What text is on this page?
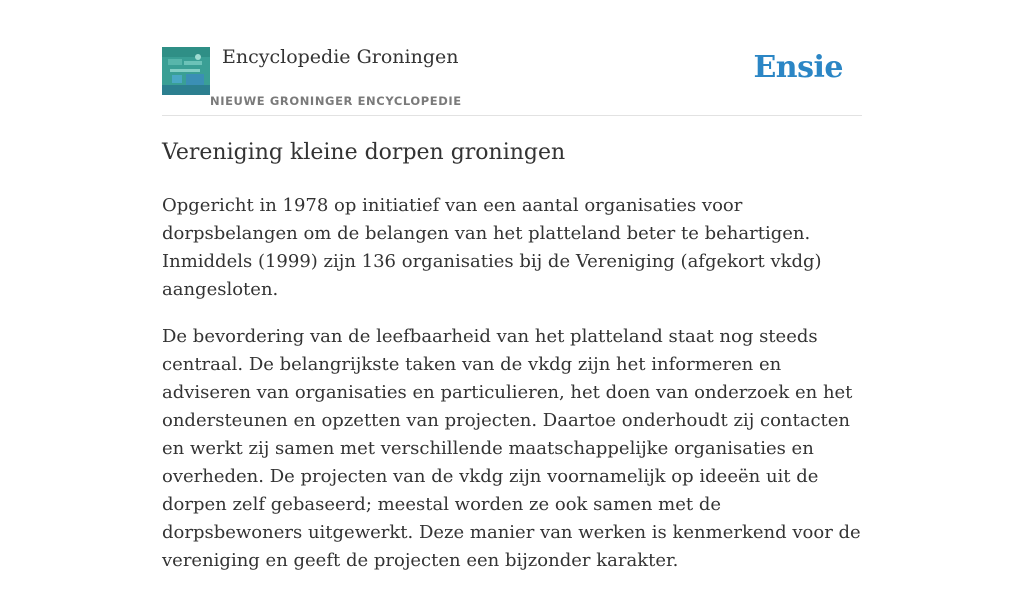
Encyclopedie Groningen
NIEUWE GRONINGER ENCYCLOPEDIE
Ensie
Vereniging kleine dorpen groningen

Opgericht in 1978 op initiatief van een aantal organisaties voor dorpsbelangen om de belangen van het platteland beter te behartigen. Inmiddels (1999) zijn 136 organisaties bij de Vereniging (afgekort vkdg) aangesloten.

De bevordering van de leefbaarheid van het platteland staat nog steeds centraal. De belangrijkste taken van de vkdg zijn het informeren en adviseren van organisaties en particulieren, het doen van onderzoek en het ondersteunen en opzetten van projecten. Daartoe onderhoudt zij contacten en werkt zij samen met verschillende maatschappelijke organisaties en overheden. De projecten van de vkdg zijn voornamelijk op ideeën uit de dorpen zelf gebaseerd; meestal worden ze ook samen met de dorpsbewoners uitgewerkt. Deze manier van werken is kenmerkend voor de vereniging en geeft de projecten een bijzonder karakter.
